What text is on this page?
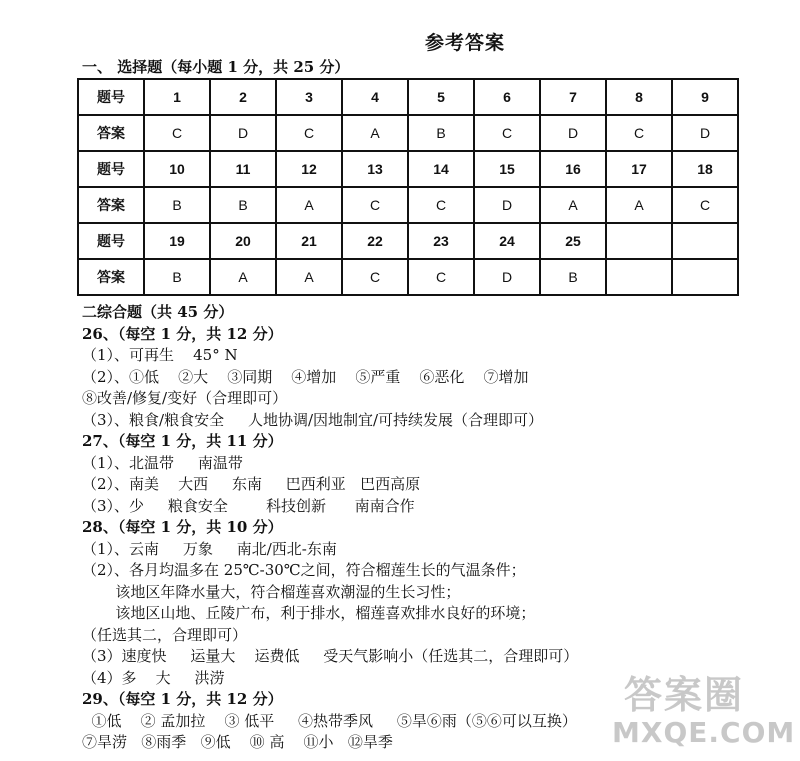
参考答案
一、 选择题（每小题 1 分，共 25 分）
题号	1	2	3	4	5	6	7	8	9
答案	C	D	C	A	B	C	D	C	D
题号	10	11	12	13	14	15	16	17	18
答案	B	B	A	C	C	D	A	A	C
题号	19	20	21	22	23	24	25		
答案	B	A	A	C	C	D	B		
二综合题（共 45 分）
26、（每空 1 分，共 12 分）
（1）、可再生    45° N
（2）、①低    ②大    ③同期    ④增加    ⑤严重    ⑥恶化    ⑦增加
⑧改善/修复/变好（合理即可）
（3）、粮食/粮食安全     人地协调/因地制宜/可持续发展（合理即可）
27、（每空 1 分，共 11 分）
（1）、北温带     南温带
（2）、南美    大西     东南     巴西利亚   巴西高原
（3）、少     粮食安全        科技创新      南南合作
28、（每空 1 分，共 10 分）
（1）、云南     万象     南北/西北-东南
（2）、各月均温多在 25℃-30℃之间，符合榴莲生长的气温条件；
该地区年降水量大，符合榴莲喜欢潮湿的生长习性；
该地区山地、丘陵广布，利于排水，榴莲喜欢排水良好的环境；
（任选其二，合理即可）
（3）速度快     运量大    运费低     受天气影响小（任选其二，合理即可）
（4）多    大     洪涝
29、（每空 1 分，共 12 分）
①低    ② 孟加拉    ③ 低平     ④热带季风     ⑤旱⑥雨（⑤⑥可以互换）
⑦旱涝   ⑧雨季   ⑨低    ⑩ 高    ⑪小   ⑫旱季
答案圈
MXQE.COM
